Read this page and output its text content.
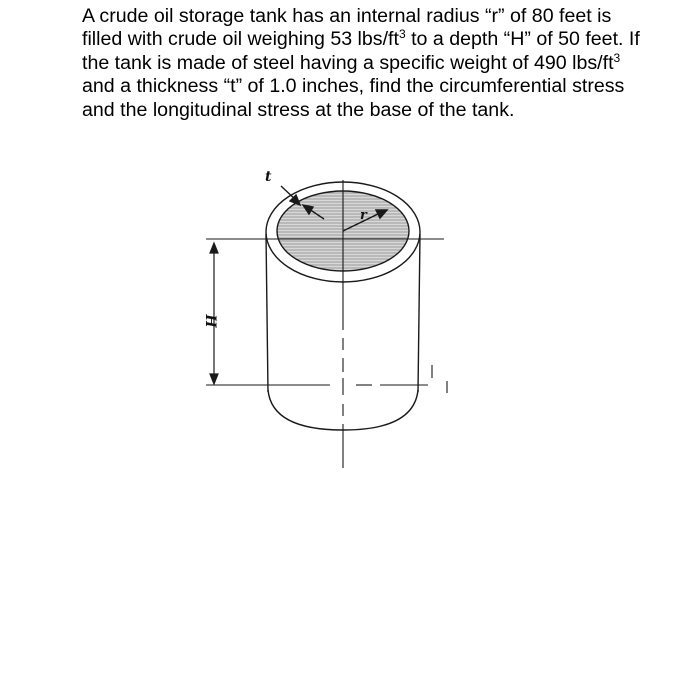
A crude oil storage tank has an internal radius “r” of 80 feet is filled with crude oil weighing 53 lbs/$ft^3$ to a depth “H” of 50 feet. If the tank is made of steel having a specific weight of 490 lbs/$ft^3$ and a thickness “t” of 1.0 inches, find the circumferential stress and the longitudinal stress at the base of the tank.

H
r
t
